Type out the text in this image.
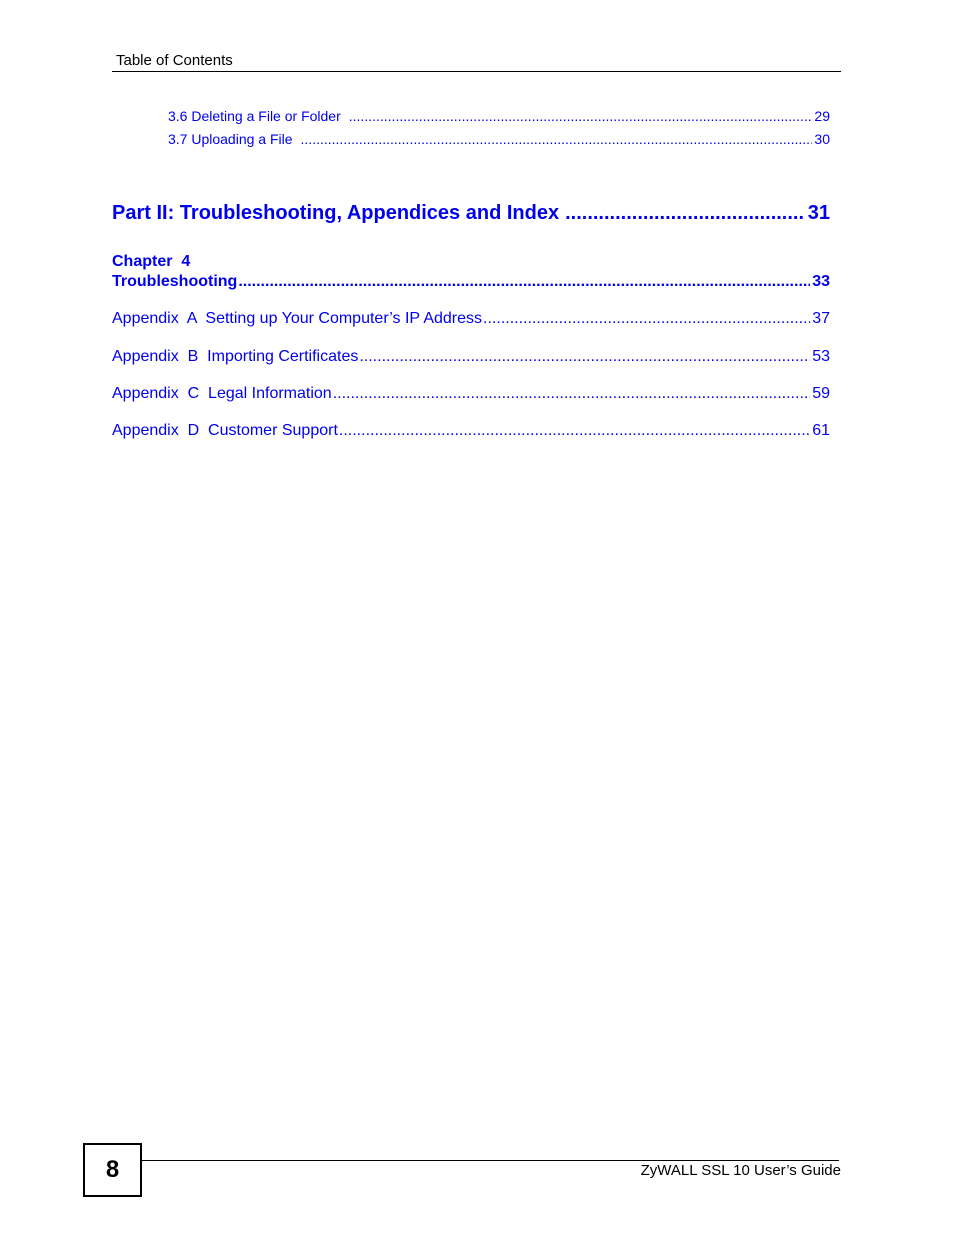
Table of Contents
3.6 Deleting a File or Folder .....	29
3.7 Uploading a File .....	30
Part II: Troubleshooting, Appendices and Index .....	31
Chapter  4
Troubleshooting .....	33
Appendix  A  Setting up Your Computer’s IP Address .....	37
Appendix  B  Importing Certificates .....	53
Appendix  C  Legal Information .....	59
Appendix  D  Customer Support .....	61
8	ZyWALL SSL 10 User’s Guide
